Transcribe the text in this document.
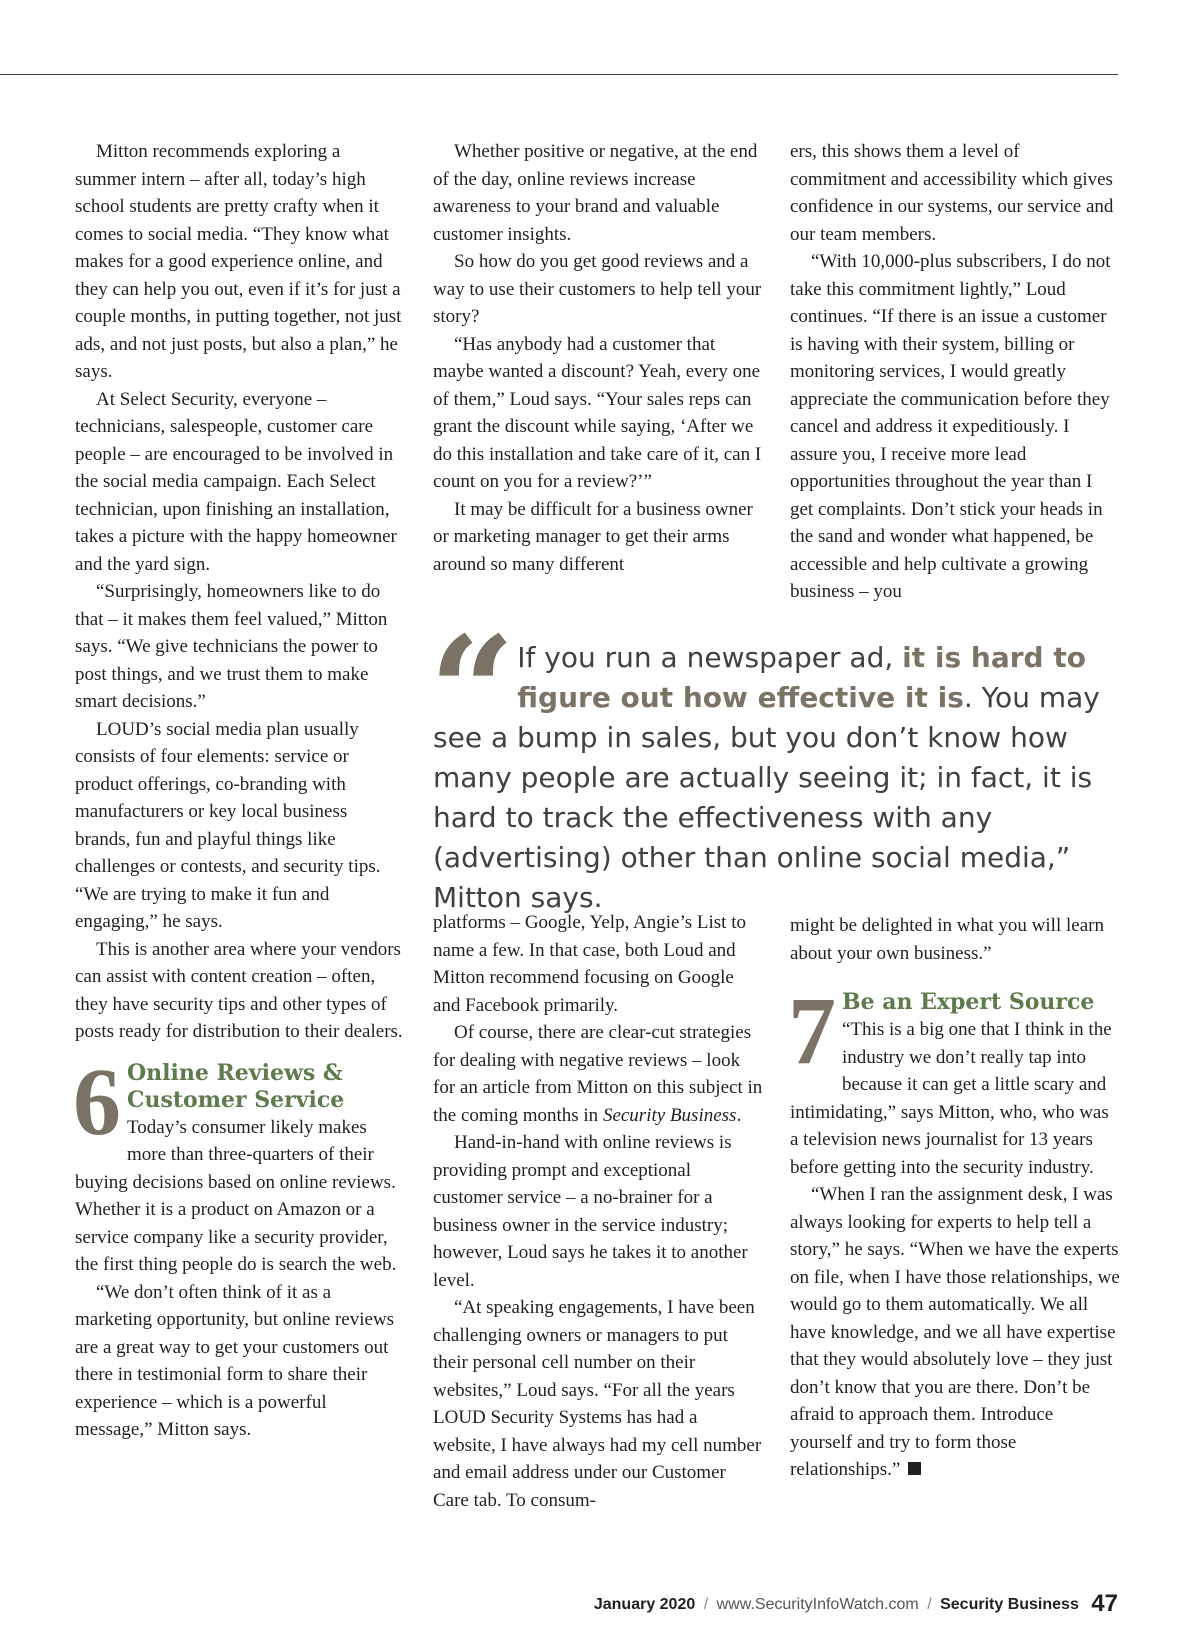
Mitton recommends exploring a summer intern – after all, today’s high school students are pretty crafty when it comes to social media. “They know what makes for a good experience online, and they can help you out, even if it’s for just a couple months, in putting together, not just ads, and not just posts, but also a plan,” he says.

At Select Security, everyone – technicians, salespeople, customer care people – are encouraged to be involved in the social media campaign. Each Select technician, upon finishing an installation, takes a picture with the happy homeowner and the yard sign.

“Surprisingly, homeowners like to do that – it makes them feel valued,” Mitton says. “We give technicians the power to post things, and we trust them to make smart decisions.”

LOUD’s social media plan usually consists of four elements: service or product offerings, co-branding with manufacturers or key local business brands, fun and playful things like challenges or contests, and security tips. “We are trying to make it fun and engaging,” he says.

This is another area where your vendors can assist with content creation – often, they have security tips and other types of posts ready for distribution to their dealers.

6 Online Reviews & Customer Service

Today’s consumer likely makes more than three-quarters of their buying decisions based on online reviews. Whether it is a product on Amazon or a service company like a security provider, the first thing people do is search the web.

“We don’t often think of it as a marketing opportunity, but online reviews are a great way to get your customers out there in testimonial form to share their experience – which is a powerful message,” Mitton says.

Whether positive or negative, at the end of the day, online reviews increase awareness to your brand and valuable customer insights.

So how do you get good reviews and a way to use their customers to help tell your story?

“Has anybody had a customer that maybe wanted a discount? Yeah, every one of them,” Loud says. “Your sales reps can grant the discount while saying, ‘After we do this installation and take care of it, can I count on you for a review?’”

It may be difficult for a business owner or marketing manager to get their arms around so many different

ers, this shows them a level of commitment and accessibility which gives confidence in our systems, our service and our team members.

“With 10,000-plus subscribers, I do not take this commitment lightly,” Loud continues. “If there is an issue a customer is having with their system, billing or monitoring services, I would greatly appreciate the communication before they cancel and address it expeditiously. I assure you, I receive more lead opportunities throughout the year than I get complaints. Don’t stick your heads in the sand and wonder what happened, be accessible and help cultivate a growing business – you

“ If you run a newspaper ad, it is hard to figure out how effective it is. You may see a bump in sales, but you don’t know how many people are actually seeing it; in fact, it is hard to track the effectiveness with any (advertising) other than online social media,” Mitton says.

platforms – Google, Yelp, Angie’s List to name a few. In that case, both Loud and Mitton recommend focusing on Google and Facebook primarily.

Of course, there are clear-cut strategies for dealing with negative reviews – look for an article from Mitton on this subject in the coming months in Security Business.

Hand-in-hand with online reviews is providing prompt and exceptional customer service – a no-brainer for a business owner in the service industry; however, Loud says he takes it to another level.

“At speaking engagements, I have been challenging owners or managers to put their personal cell number on their websites,” Loud says. “For all the years LOUD Security Systems has had a website, I have always had my cell number and email address under our Customer Care tab. To consum-

might be delighted in what you will learn about your own business.”

7 Be an Expert Source

“This is a big one that I think in the industry we don’t really tap into because it can get a little scary and intimidating,” says Mitton, who, who was a television news journalist for 13 years before getting into the security industry.

“When I ran the assignment desk, I was always looking for experts to help tell a story,” he says. “When we have the experts on file, when I have those relationships, we would go to them automatically. We all have knowledge, and we all have expertise that they would absolutely love – they just don’t know that you are there. Don’t be afraid to approach them. Introduce yourself and try to form those relationships.”

January 2020 / www.SecurityInfoWatch.com / Security Business 47
